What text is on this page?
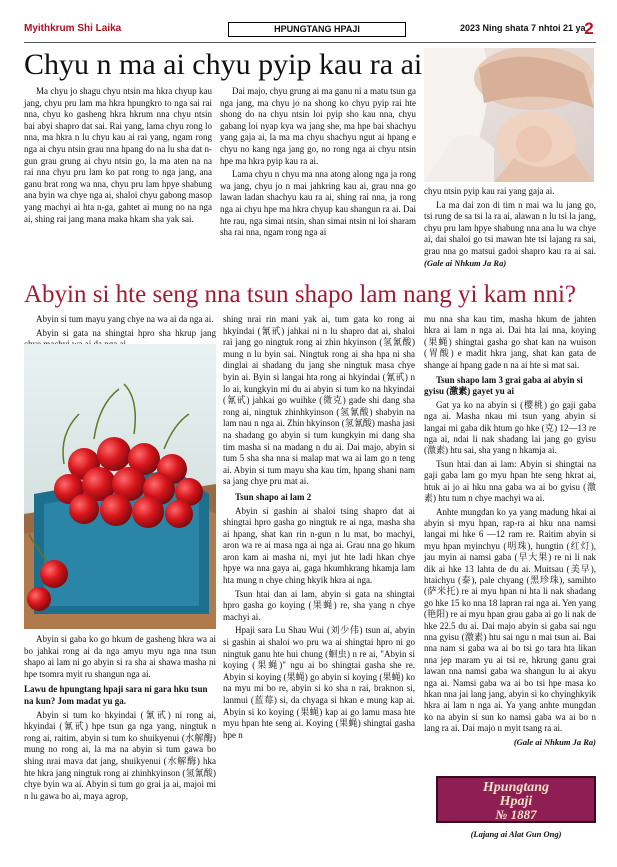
Myithkrum Shi Laika	HPUNGTANG HPAJI	2023 Ning shata 7 nhtoi 21 ya
2
Chyu n ma ai chyu pyip kau ra ai

Ma chyu jo shagu chyu ntsin ma hkra chyup kau jang, chyu pru lam ma hkra hpungkro to nga sai rai nna, chyu ko gasheng hkra hkrum nna chyu ntsin bai abyi shapro dat sai. Rai yang, lama chyu rong lo nna, ma hkra n lu chyu kau ai rai yang, ngam rong nga ai chyu ntsin grau nna hpang do na lu sha dat n-gun grau grung ai chyu ntsin go, la ma aten na na rai nna chyu pru lam ko pat rong to nga jang, ana ganu brat rong wa nna, chyu pru lam hpye shabung ana byin wa chye nga ai, shaloi chyu gabong masop yang machyi ai hta n-ga, gahtet ai mung no na nga ai, shing rai jang mana maka hkam sha yak sai.

Dai majo, chyu grung ai ma ganu ni a matu tsun ga nga jang, ma chyu jo na shong ko chyu pyip rai hte shong do na chyu ntsin loi pyip sho kau nna, chyu gabang loi nyap kya wa jang she, ma hpe bai shachyu yang gaja ai, la ma ma chyu shachyu ngut ai hpang e chyu no kang nga jang go, no rong nga ai chyu ntsin hpe ma hkra pyip kau ra ai.

Lama chyu n chyu ma nna atong along nga ja rong wa jang, chyu jo n mai jahkring kau ai, grau nna go lawan ladan shachyu kau ra ai, shing rai nna, ja rong nga ai chyu hpe ma hkra chyup kau shangun ra ai. Dai hte rau, nga simai ntsin, shan simai ntsin ni loi sharam sha rai nna, ngam rong nga ai

chyu ntsin pyip kau rai yang gaja ai.

La ma dai zon di tim n mai wa lu jang go, tsi rung de sa tsi la ra ai, alawan n lu tsi la jang, chyu pru lam hpye shabung nna ana lu wa chye ai, dai shaloi go tsi mawan hte tsi lajang ra sai, grau nna go matsui gadoi shapro kau ra ai sai. (Gale ai Nhkum Ja Ra)

Abyin si hte seng nna tsun shapo lam nang yi kam nni?

Abyin si tum mayu yang chye na wa ai da nga ai.

Abyin si gata na shingtai hpro sha hkrup jang

Abyin si gaba ko go hkum de gasheng hkra wa ai bo jahkai rong ai da nga amyu myu nga nna tsun shapo ai lam ni go abyin si ra sha ai shawa masha ni hpe tsomra myit ru shangun nga ai.

Lawu de hpungtang hpaji sara ni gara hku tsun na kun? Jom madat yu ga.

Abyin si tum ko hkyindai (氰甙) ni rong ai, hkyindai (氰甙) hpe tsun ga nga yang, ningtuk n rong ai, raitim, abyin si tum ko shuikyenui (水解酶) mung no rong ai, la ma na abyin si tum gawa bo shing nrai mava dat jang, shuikyenui (水解酶) hka hte hkra jang ningtuk rong ai zhinhkyinson (氢氰酸) chye byin wa ai. Abyin si tum go grai ja ai, majoi mi n lu gawa bo ai, maya agrop,

shing nrai rin mani yak ai, tum gata ko rong ai hkyindai (氰甙) jahkai ni n lu shapro dat ai, shaloi rai jang go ningtuk rong ai zhin hkyinson (氢氰酸) mung n lu byin sai. Ningtuk rong ai sha hpa ni sha dinglai ai shadang du jang she ningtuk masa chye byin ai. Byin si langai hta rong ai hkyindai (氰甙) n lo ai, kungkyin mi du ai abyin si tum ko na hkyindai (氰甙) jahkai go wuihke (微克) gade shi dang sha rong ai, ningtuk zhinhkyinson (氢氰酸) shabyin na lam nau n nga ai. Zhin hkyinson (氢氰酸) masha jasi na shadang go abyin si tum kungkyin mi dang sha tim masha si na madang n du ai. Dai majo, abyin si tum 5 sha sha nna si malap mat wa ai lam go n teng ai. Abyin si tum mayu sha kau tim, hpang shani nam sa jang chye pru mat ai.

Tsun shapo ai lam 2

Abyin si gashin ai shaloi tsing shapro dat ai shingtai hpro gasha go ningtuk re ai nga, masha sha ai hpang, shat kan rin n-gun n lu mat, bo machyi, aron wa re ai masa nga ai nga ai. Grau nna go hkum aron kam ai masha ni, myi jut hte ladi hkan chye hpye wa nna gaya ai, gaga hkumhkrang hkamja lam hta mung n chye ching hkyik hkra ai nga.

Tsun htai dan ai lam, abyin si gata na shingtai hpro gasha go koying (果蝇) re, sha yang n chye machyi ai.

Hpaji sara Lu Shau Wui (刘少伟) tsun ai, abyin si gashin ai shaloi wo pru wa ai shingtai hpro ni go ningtuk ganu hte hui chung (蛔虫) n re ai, "Abyin si koying (果蝇)" ngu ai bo shingtai gasha she re. Abyin si koying (果蝇) go abyin si koying (果蝇) ko na myu mi bo re, abyin si ko sha n rai, braknon si, lanmui (蓝莓) si, da chyaga si hkan e mung kap ai. Abyin si ko koying (果蝇) kap ai go lamu masa hte myu hpan hte seng ai. Koying (果蝇) shingtai gasha hpe n

mu nna sha kau tim, masha hkum de jahten hkra ai lam n nga ai. Dai hta lai nna, koying (果蝇) shingtai gasha go shat kan na wuison (胃酸) e madit hkra jang, shat kan gata de shange ai hpang gade n na ai hte si mat sai.

Tsun shapo lam 3 grai gaba ai abyin si gyisu (激素) gayet yu ai

Gat ya ko na abyin si (樱桃) go gaji gaba nga ai. Masha nkau mi tsun yang abyin si langai mi gaba dik htum go hke (克) 12—13 re nga ai, ndai li nak shadang lai jang go gyisu (激素) htu sai, sha yang n hkamja ai.

Tsun htai dan ai lam: Abyin si shingtai na gaji gaba lam go myu hpan hte seng hkrat ai, htuk ai jo ai hku nna gaba wa ai bo gyisu (激素) htu tum n chye machyi wa ai.

Anhte mungdan ko ya yang madung hkai ai abyin si myu hpan, rap-ra ai hku nna namsi langai mi hke 6 —12 ram re. Raitim abyin si myu hpan myinchyu (明珠), hungtin (红灯), jau myin ai namsi gaba (早大果) re ni li nak dik ai hke 13 lahta de du ai. Muitsau (美早), htaichyu (泰), pale chyang (黑珍珠), samihto (萨米托) re ai myu hpan ni hta li nak shadang go hke 15 ko nna 18 lapran rai nga ai. Yen yang (艳阳) re ai myu hpan grau gaba ai go li nak de hke 22.5 du ai. Dai majo abyin si gaba sai ngu nna gyisu (激素) htu sai ngu n mai tsun ai. Bai nna nam si gaba wa ai bo tsi go tara hta likan nna jep maram yu ai tsi re, hkrung ganu grai lawan nna namsi gaba wa shangun lu ai akyu nga ai. Namsi gaba wa ai bo tsi hpe masa ko hkan nna jai lang jang, abyin si ko chyinghkyik hkra ai lam n nga ai. Ya yang anhte mungdan ko na abyin si sun ko namsi gaba wa ai bo n lang ra ai. Dai majo n myit tsang ra ai.

(Gale ai Nhkum Ja Ra)

Hpungtang
Hpaji
№ 1887
(Lajang ai Alat Gun Ong)
